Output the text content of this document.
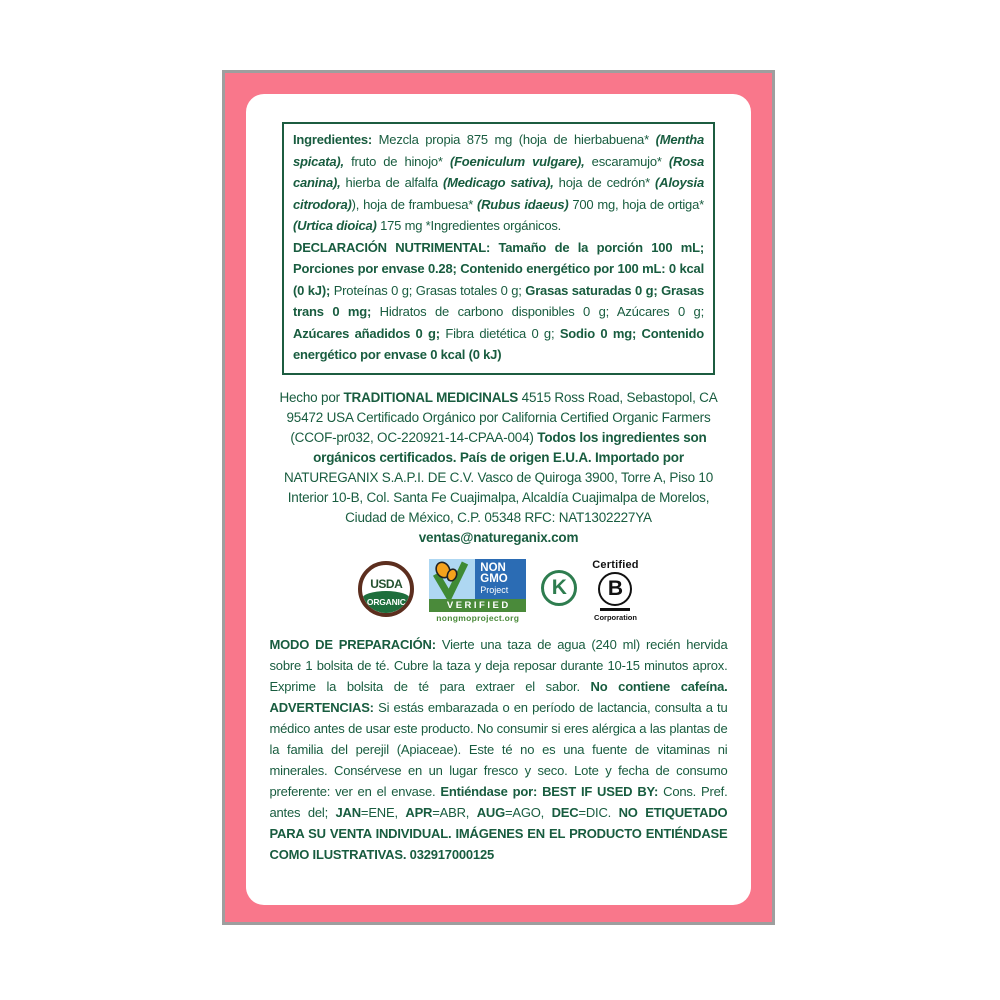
Ingredientes: Mezcla propia 875 mg (hoja de hierbabuena* (Mentha spicata), fruto de hinojo* (Foeniculum vulgare), escaramujo* (Rosa canina), hierba de alfalfa (Medicago sativa), hoja de cedrón* (Aloysia citrodora)), hoja de frambuesa* (Rubus idaeus) 700 mg, hoja de ortiga* (Urtica dioica) 175 mg *Ingredientes orgánicos.

DECLARACIÓN NUTRIMENTAL: Tamaño de la porción 100 mL; Porciones por envase 0.28; Contenido energético por 100 mL: 0 kcal (0 kJ); Proteínas 0 g; Grasas totales 0 g; Grasas saturadas 0 g; Grasas trans 0 mg; Hidratos de carbono disponibles 0 g; Azúcares 0 g; Azúcares añadidos 0 g; Fibra dietética 0 g; Sodio 0 mg; Contenido energético por envase 0 kcal (0 kJ)

Hecho por TRADITIONAL MEDICINALS 4515 Ross Road, Sebastopol, CA 95472 USA Certificado Orgánico por California Certified Organic Farmers (CCOF-pr032, OC-220921-14-CPAA-004) Todos los ingredientes son orgánicos certificados. País de origen E.U.A. Importado por NATUREGANIX S.A.P.I. DE C.V. Vasco de Quiroga 3900, Torre A, Piso 10 Interior 10-B, Col. Santa Fe Cuajimalpa, Alcaldía Cuajimalpa de Morelos, Ciudad de México, C.P. 05348 RFC: NAT1302227YA ventas@natureganix.com

USDA
ORGANIC
NON
GMO
Project
VERIFIED
nongmoproject.org
K
Certified
B
Corporation

MODO DE PREPARACIÓN: Vierte una taza de agua (240 ml) recién hervida sobre 1 bolsita de té. Cubre la taza y deja reposar durante 10-15 minutos aprox. Exprime la bolsita de té para extraer el sabor. No contiene cafeína. ADVERTENCIAS: Si estás embarazada o en período de lactancia, consulta a tu médico antes de usar este producto. No consumir si eres alérgica a las plantas de la familia del perejil (Apiaceae). Este té no es una fuente de vitaminas ni minerales. Consérvese en un lugar fresco y seco. Lote y fecha de consumo preferente: ver en el envase. Entiéndase por: BEST IF USED BY: Cons. Pref. antes del; JAN=ENE, APR=ABR, AUG=AGO, DEC=DIC. NO ETIQUETADO PARA SU VENTA INDIVIDUAL. IMÁGENES EN EL PRODUCTO ENTIÉNDASE COMO ILUSTRATIVAS. 032917000125
